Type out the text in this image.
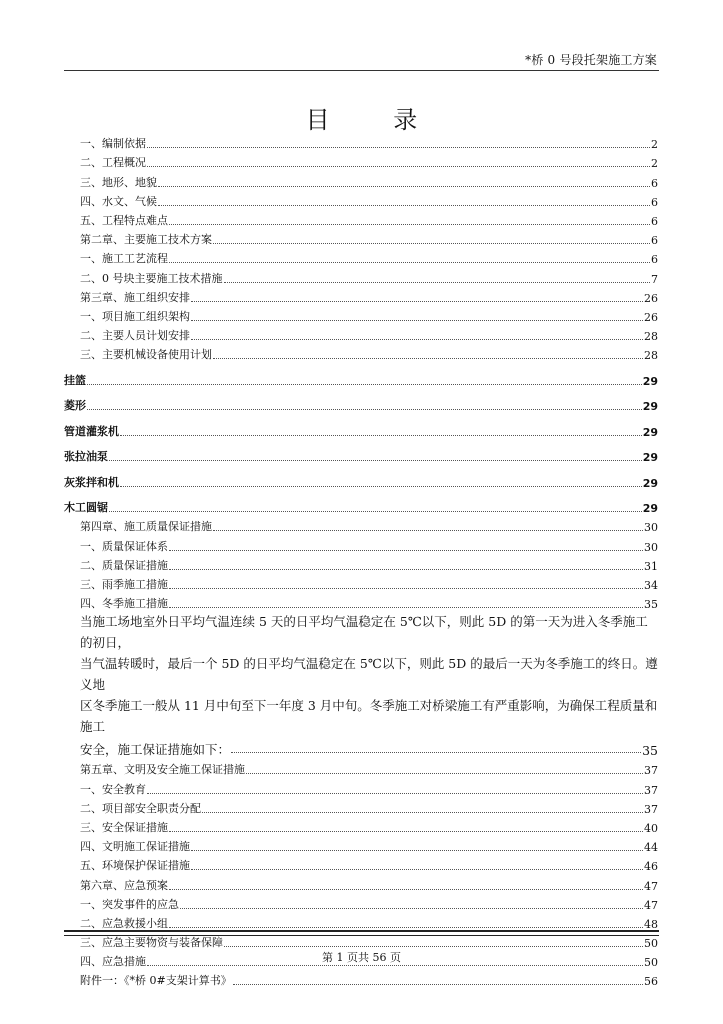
*桥 0 号段托架施工方案
目 录
一、编制依据	2
二、工程概况	2
三、地形、地貌	6
四、水文、气候	6
五、工程特点难点	6
第二章、主要施工技术方案	6
一、施工工艺流程	6
二、0 号块主要施工技术措施	7
第三章、施工组织安排	26
一、项目施工组织架构	26
二、主要人员计划安排	28
三、主要机械设备使用计划	28
挂篮	29
菱形	29
管道灌浆机	29
张拉油泵	29
灰浆拌和机	29
木工圆锯	29
第四章、施工质量保证措施	30
一、质量保证体系	30
二、质量保证措施	31
三、雨季施工措施	34
四、冬季施工措施	35

当施工场地室外日平均气温连续 5 天的日平均气温稳定在 5℃以下，则此 5D 的第一天为进入冬季施工的初日，

当气温转暖时，最后一个 5D 的日平均气温稳定在 5℃以下，则此 5D 的最后一天为冬季施工的终日。遵义地

区冬季施工一般从 11 月中旬至下一年度 3 月中旬。冬季施工对桥梁施工有严重影响，为确保工程质量和施工

安全，施工保证措施如下：	35
第五章、文明及安全施工保证措施	37
一、安全教育	37
二、项目部安全职责分配	37
三、安全保证措施	40
四、文明施工保证措施	44
五、环境保护保证措施	46
第六章、应急预案	47
一、突发事件的应急	47
二、应急救援小组	48
三、应急主要物资与装备保障	50
四、应急措施	50
附件一：《*桥 0#支架计算书》	56
第 1 页共 56 页
